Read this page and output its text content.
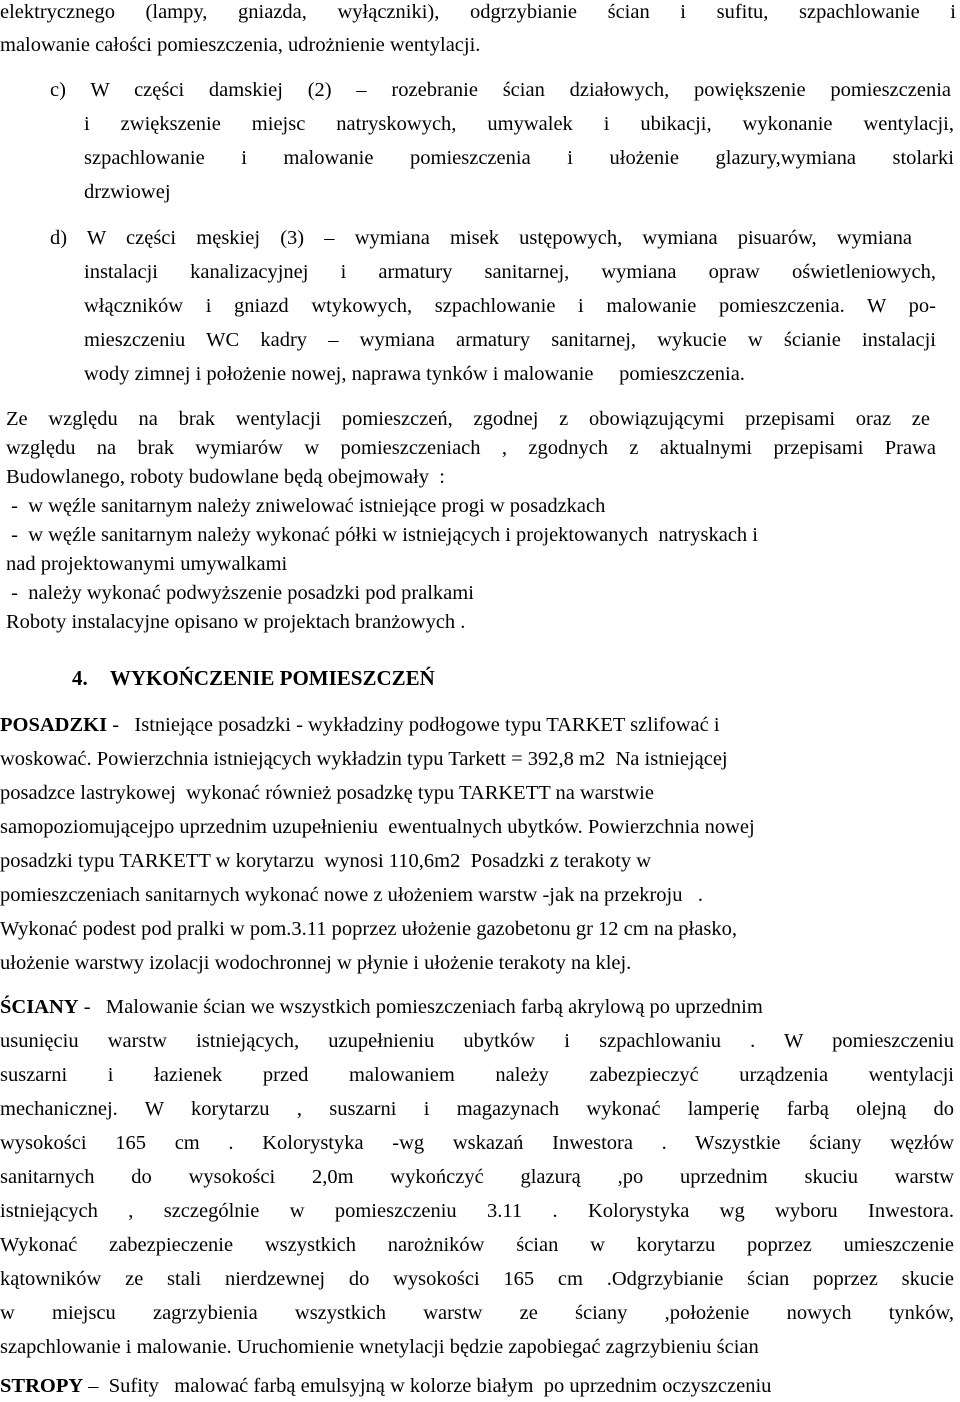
elektrycznego (lampy, gniazda, wyłączniki), odgrzybianie ścian i sufitu, szpachlowanie i
malowanie całości pomieszczenia, udrożnienie wentylacji.
c) W części damskiej (2) – rozebranie ścian działowych, powiększenie pomieszczenia
i zwiększenie miejsc natryskowych, umywalek i ubikacji, wykonanie wentylacji,
szpachlowanie i malowanie pomieszczenia i ułożenie glazury,wymiana stolarki
drzwiowej
d) W części męskiej (3) – wymiana misek ustępowych, wymiana pisuarów, wymiana
instalacji kanalizacyjnej i armatury sanitarnej, wymiana opraw oświetleniowych,
włączników i gniazd wtykowych, szpachlowanie i malowanie pomieszczenia. W po-
mieszczeniu WC kadry – wymiana armatury sanitarnej, wykucie w ścianie instalacji
wody zimnej i położenie nowej, naprawa tynków i malowanie     pomieszczenia.
Ze względu na brak wentylacji pomieszczeń, zgodnej z obowiązującymi przepisami oraz ze
względu na brak wymiarów w pomieszczeniach , zgodnych z aktualnymi przepisami Prawa
Budowlanego, roboty budowlane będą obejmowały  :
-  w węźle sanitarnym należy zniwelować istniejące progi w posadzkach
-  w węźle sanitarnym należy wykonać półki w istniejących i projektowanych  natryskach i
nad projektowanymi umywalkami
-  należy wykonać podwyższenie posadzki pod pralkami
Roboty instalacyjne opisano w projektach branżowych .
4. WYKOŃCZENIE POMIESZCZEŃ
POSADZKI -   Istniejące posadzki - wykładziny podłogowe typu TARKET szlifować i
woskować. Powierzchnia istniejących wykładzin typu Tarkett = 392,8 m2  Na istniejącej
posadzce lastrykowej  wykonać również posadzkę typu TARKETT na warstwie
samopoziomującejpo uprzednim uzupełnieniu  ewentualnych ubytków. Powierzchnia nowej
posadzki typu TARKETT w korytarzu  wynosi 110,6m2  Posadzki z terakoty w
pomieszczeniach sanitarnych wykonać nowe z ułożeniem warstw -jak na przekroju   .
Wykonać podest pod pralki w pom.3.11 poprzez ułożenie gazobetonu gr 12 cm na płasko,
ułożenie warstwy izolacji wodochronnej w płynie i ułożenie terakoty na klej.
ŚCIANY -   Malowanie ścian we wszystkich pomieszczeniach farbą akrylową po uprzednim
usunięciu warstw istniejących, uzupełnieniu ubytków i szpachlowaniu . W pomieszczeniu
suszarni i łazienek przed malowaniem należy zabezpieczyć urządzenia wentylacji
mechanicznej. W korytarzu , suszarni i magazynach wykonać lamperię farbą olejną do
wysokości 165 cm . Kolorystyka -wg wskazań Inwestora . Wszystkie ściany węzłów
sanitarnych do wysokości 2,0m wykończyć glazurą ,po uprzednim skuciu warstw
istniejących , szczególnie w pomieszczeniu 3.11 . Kolorystyka wg wyboru Inwestora.
Wykonać zabezpieczenie wszystkich narożników ścian w korytarzu poprzez umieszczenie
kątowników ze stali nierdzewnej do wysokości 165 cm .Odgrzybianie ścian poprzez skucie
w miejscu zagrzybienia wszystkich warstw ze ściany ,położenie nowych tynków,
szapchlowanie i malowanie. Uruchomienie wnetylacji będzie zapobiegać zagrzybieniu ścian
STROPY –  Sufity   malować farbą emulsyjną w kolorze białym  po uprzednim oczyszczeniu
